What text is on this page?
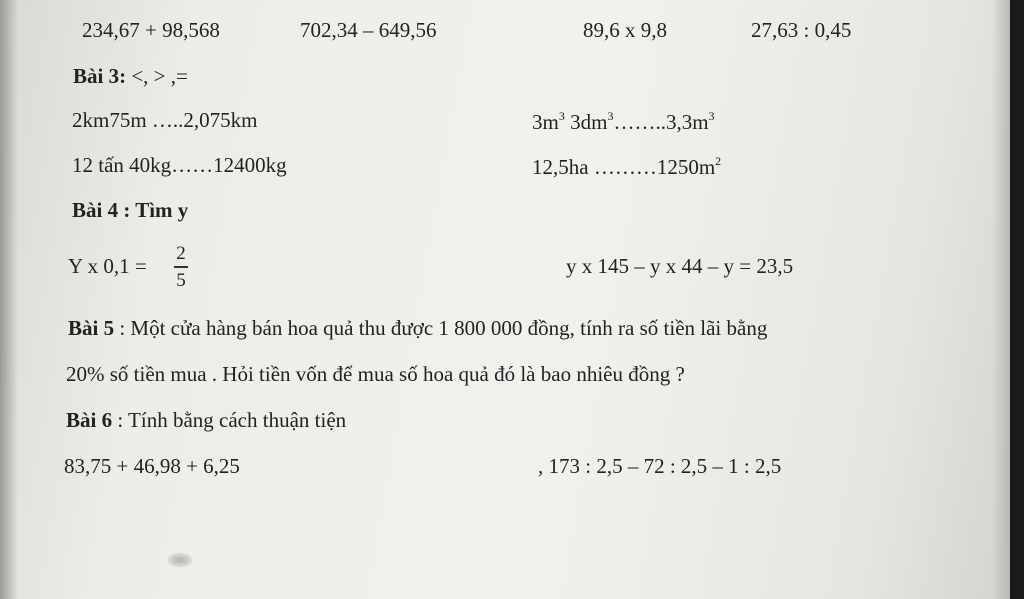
234,67 + 98,568	702,34 – 649,56	89,6 x 9,8	27,63 : 0,45
Bài 3: <, > ,=
2km75m …..2,075km	$3m^3$ $3dm^3\dots\dots..3,3m^3$
12 tấn 40kg……12400kg	12,5ha $\dots\dots\dots 1250m^2$
Bài 4 : Tìm y
Y x 0,1 =
2
5
y x 145 – y x 44 – y = 23,5
Bài 5 : Một cửa hàng bán hoa quả thu được 1 800 000 đồng, tính ra số tiền lãi bằng
20% số tiền mua . Hỏi tiền vốn để mua số hoa quả đó là bao nhiêu đồng ?
Bài 6 : Tính bằng cách thuận tiện
83,75 + 46,98 + 6,25	, 173 : 2,5 – 72 : 2,5 – 1 : 2,5
